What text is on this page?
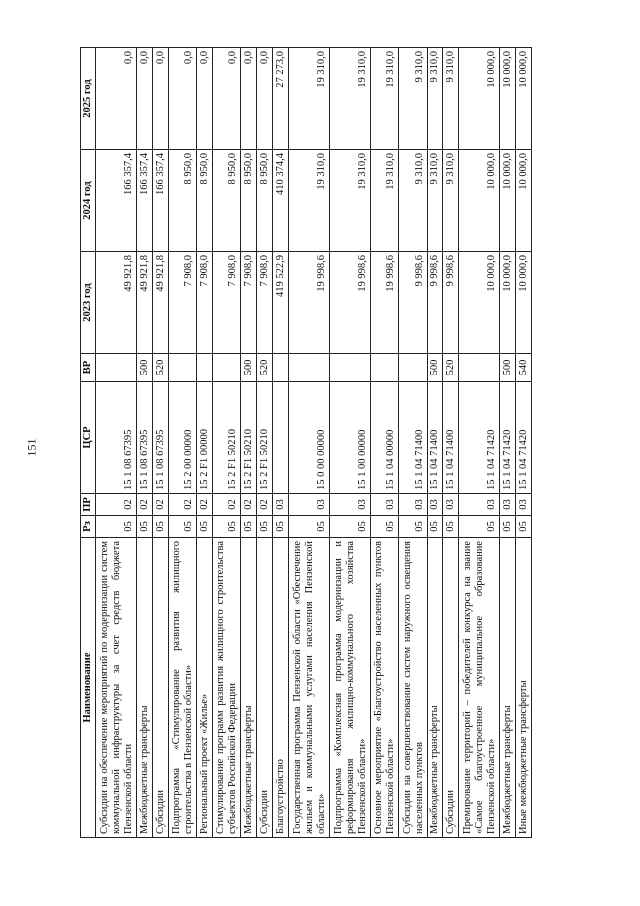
151
Наименование	Рз	ПР	ЦСР	ВР	2023 год	2024 год	2025 год
Субсидии на обеспечение мероприятий по модернизации систем коммунальной инфраструктуры за счет средств бюджета Пензенской области	05	02	15 1 08 67395		49 921,8	166 357,4	0,0
Межбюджетные трансферты	05	02	15 1 08 67395	500	49 921,8	166 357,4	0,0
Субсидии	05	02	15 1 08 67395	520	49 921,8	166 357,4	0,0
Подпрограмма «Стимулирование развития жилищного строительства в Пензенской области»	05	02	15 2 00 00000		7 908,0	8 950,0	0,0
Региональный проект «Жилье»	05	02	15 2 F1 00000		7 908,0	8 950,0	0,0
Стимулирование программ развития жилищного строительства субъектов Российской Федерации	05	02	15 2 F1 50210		7 908,0	8 950,0	0,0
Межбюджетные трансферты	05	02	15 2 F1 50210	500	7 908,0	8 950,0	0,0
Субсидии	05	02	15 2 F1 50210	520	7 908,0	8 950,0	0,0
Благоустройство	05	03			419 522,9	410 374,4	27 273,0
Государственная программа Пензенской области «Обеспечение жильем и коммунальными услугами населения Пензенской области»	05	03	15 0 00 00000		19 998,6	19 310,0	19 310,0
Подпрограмма «Комплексная программа модернизации и реформирования жилищно-коммунального хозяйства Пензенской области»	05	03	15 1 00 00000		19 998,6	19 310,0	19 310,0
Основное мероприятие «Благоустройство населенных пунктов Пензенской области»	05	03	15 1 04 00000		19 998,6	19 310,0	19 310,0
Субсидии на совершенствование систем наружного освещения населенных пунктов	05	03	15 1 04 71400		9 998,6	9 310,0	9 310,0
Межбюджетные трансферты	05	03	15 1 04 71400	500	9 998,6	9 310,0	9 310,0
Субсидии	05	03	15 1 04 71400	520	9 998,6	9 310,0	9 310,0
Премирование территорий – победителей конкурса на звание «Самое благоустроенное муниципальное образование Пензенской области»	05	03	15 1 04 71420		10 000,0	10 000,0	10 000,0
Межбюджетные трансферты	05	03	15 1 04 71420	500	10 000,0	10 000,0	10 000,0
Иные межбюджетные трансферты	05	03	15 1 04 71420	540	10 000,0	10 000,0	10 000,0
